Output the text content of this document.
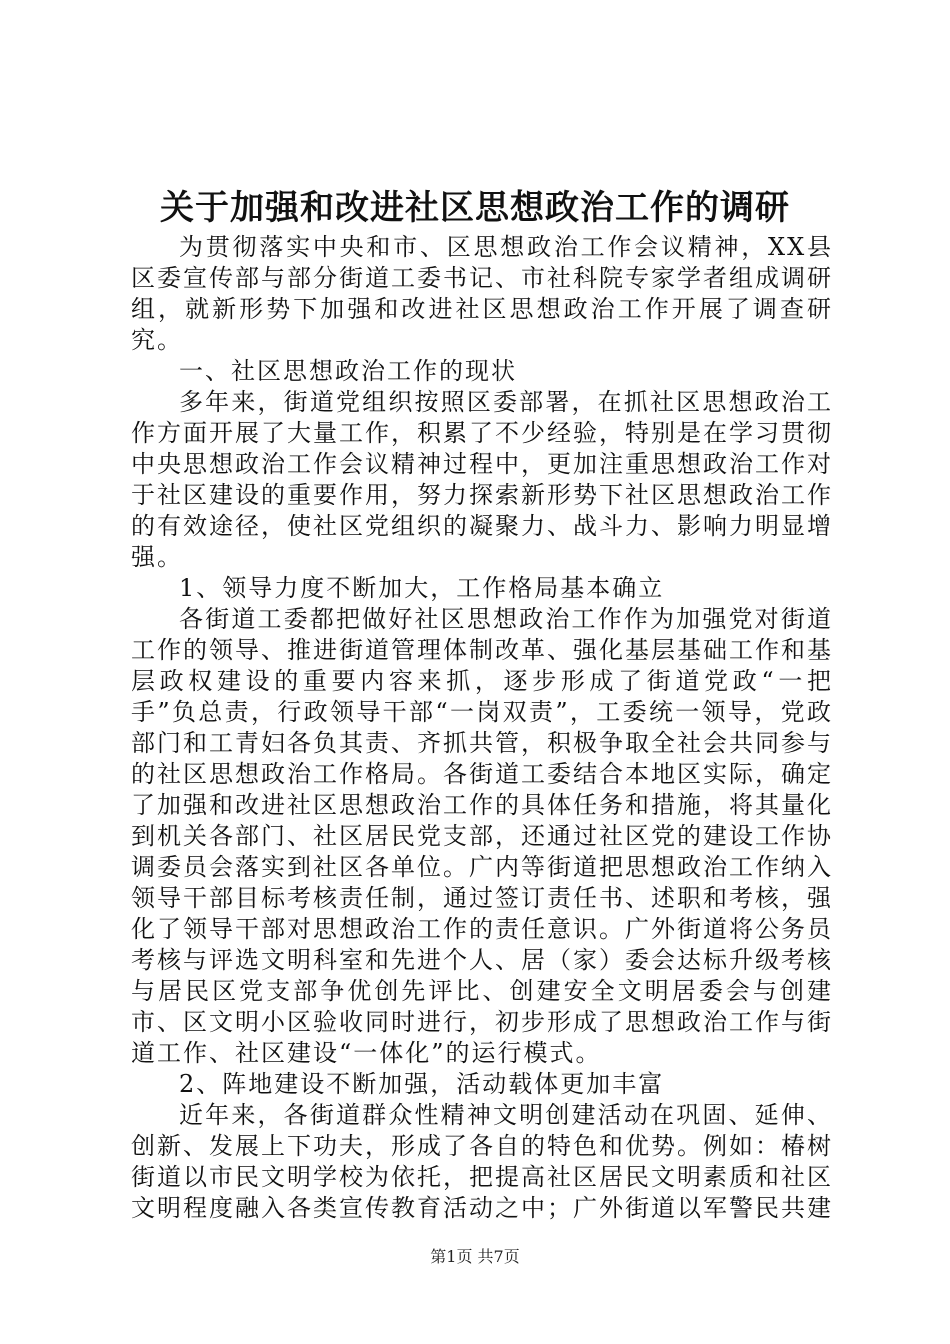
关于加强和改进社区思想政治工作的调研

为贯彻落实中央和市、区思想政治工作会议精神，XX县区委宣传部与部分街道工委书记、市社科院专家学者组成调研组，就新形势下加强和改进社区思想政治工作开展了调查研究。

一、社区思想政治工作的现状

多年来，街道党组织按照区委部署，在抓社区思想政治工作方面开展了大量工作，积累了不少经验，特别是在学习贯彻中央思想政治工作会议精神过程中，更加注重思想政治工作对于社区建设的重要作用，努力探索新形势下社区思想政治工作的有效途径，使社区党组织的凝聚力、战斗力、影响力明显增强。

1、领导力度不断加大，工作格局基本确立

各街道工委都把做好社区思想政治工作作为加强党对街道工作的领导、推进街道管理体制改革、强化基层基础工作和基层政权建设的重要内容来抓，逐步形成了街道党政“一把手”负总责，行政领导干部“一岗双责”，工委统一领导，党政部门和工青妇各负其责、齐抓共管，积极争取全社会共同参与的社区思想政治工作格局。各街道工委结合本地区实际，确定了加强和改进社区思想政治工作的具体任务和措施，将其量化到机关各部门、社区居民党支部，还通过社区党的建设工作协调委员会落实到社区各单位。广内等街道把思想政治工作纳入领导干部目标考核责任制，通过签订责任书、述职和考核，强化了领导干部对思想政治工作的责任意识。广外街道将公务员考核与评选文明科室和先进个人、居（家）委会达标升级考核与居民区党支部争优创先评比、创建安全文明居委会与创建市、区文明小区验收同时进行，初步形成了思想政治工作与街道工作、社区建设“一体化”的运行模式。

2、阵地建设不断加强，活动载体更加丰富

近年来，各街道群众性精神文明创建活动在巩固、延伸、创新、发展上下功夫，形成了各自的特色和优势。例如：椿树街道以市民文明学校为依托，把提高社区居民文明素质和社区文明程度融入各类宣传教育活动之中；广外街道以军警民共建

第1页 共7页
